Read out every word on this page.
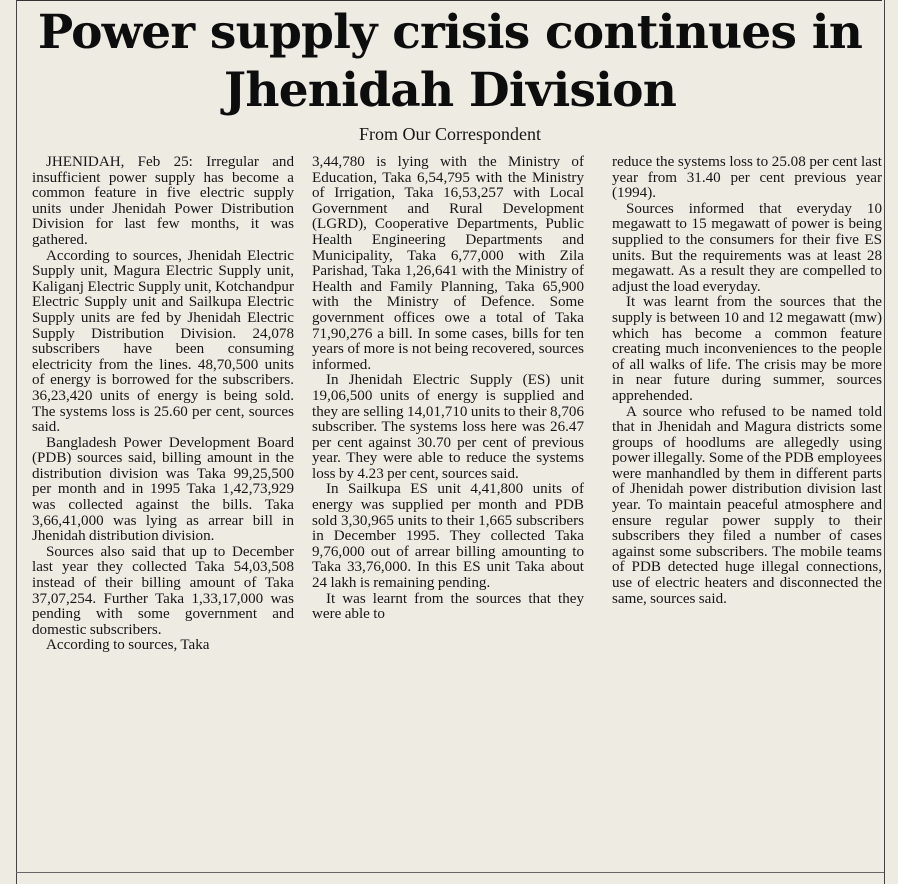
Power supply crisis continues in Jhenidah Division
From Our Correspondent

JHENIDAH, Feb 25: Irregular and insufficient power supply has become a common feature in five electric supply units under Jhenidah Power Distribution Division for last few months, it was gathered.

According to sources, Jhenidah Electric Supply unit, Magura Electric Supply unit, Kaliganj Electric Supply unit, Kotchandpur Electric Supply unit and Sailkupa Electric Supply units are fed by Jhenidah Electric Supply Distribution Division. 24,078 subscribers have been consuming electricity from the lines. 48,70,500 units of energy is borrowed for the subscribers. 36,23,420 units of energy is being sold. The systems loss is 25.60 per cent, sources said.

Bangladesh Power Development Board (PDB) sources said, billing amount in the distribution division was Taka 99,25,500 per month and in 1995 Taka 1,42,73,929 was collected against the bills. Taka 3,66,41,000 was lying as arrear bill in Jhenidah distribution division.

Sources also said that up to December last year they collected Taka 54,03,508 instead of their billing amount of Taka 37,07,254. Further Taka 1,33,17,000 was pending with some government and domestic subscribers.

According to sources, Taka

3,44,780 is lying with the Ministry of Education, Taka 6,54,795 with the Ministry of Irrigation, Taka 16,53,257 with Local Government and Rural Development (LGRD), Cooperative Departments, Public Health Engineering Departments and Municipality, Taka 6,77,000 with Zila Parishad, Taka 1,26,641 with the Ministry of Health and Family Planning, Taka 65,900 with the Ministry of Defence. Some government offices owe a total of Taka 71,90,276 a bill. In some cases, bills for ten years of more is not being recovered, sources informed.

In Jhenidah Electric Supply (ES) unit 19,06,500 units of energy is supplied and they are selling 14,01,710 units to their 8,706 subscriber. The systems loss here was 26.47 per cent against 30.70 per cent of previous year. They were able to reduce the systems loss by 4.23 per cent, sources said.

In Sailkupa ES unit 4,41,800 units of energy was supplied per month and PDB sold 3,30,965 units to their 1,665 subscribers in December 1995. They collected Taka 9,76,000 out of arrear billing amounting to Taka 33,76,000. In this ES unit Taka about 24 lakh is remaining pending.

It was learnt from the sources that they were able to

reduce the systems loss to 25.08 per cent last year from 31.40 per cent previous year (1994).

Sources informed that everyday 10 megawatt to 15 megawatt of power is being supplied to the consumers for their five ES units. But the requirements was at least 28 megawatt. As a result they are compelled to adjust the load everyday.

It was learnt from the sources that the supply is between 10 and 12 megawatt (mw) which has become a common feature creating much inconveniences to the people of all walks of life. The crisis may be more in near future during summer, sources apprehended.

A source who refused to be named told that in Jhenidah and Magura districts some groups of hoodlums are allegedly using power illegally. Some of the PDB employees were manhandled by them in different parts of Jhenidah power distribution division last year. To maintain peaceful atmosphere and ensure regular power supply to their subscribers they filed a number of cases against some subscribers. The mobile teams of PDB detected huge illegal connections, use of electric heaters and disconnected the same, sources said.
